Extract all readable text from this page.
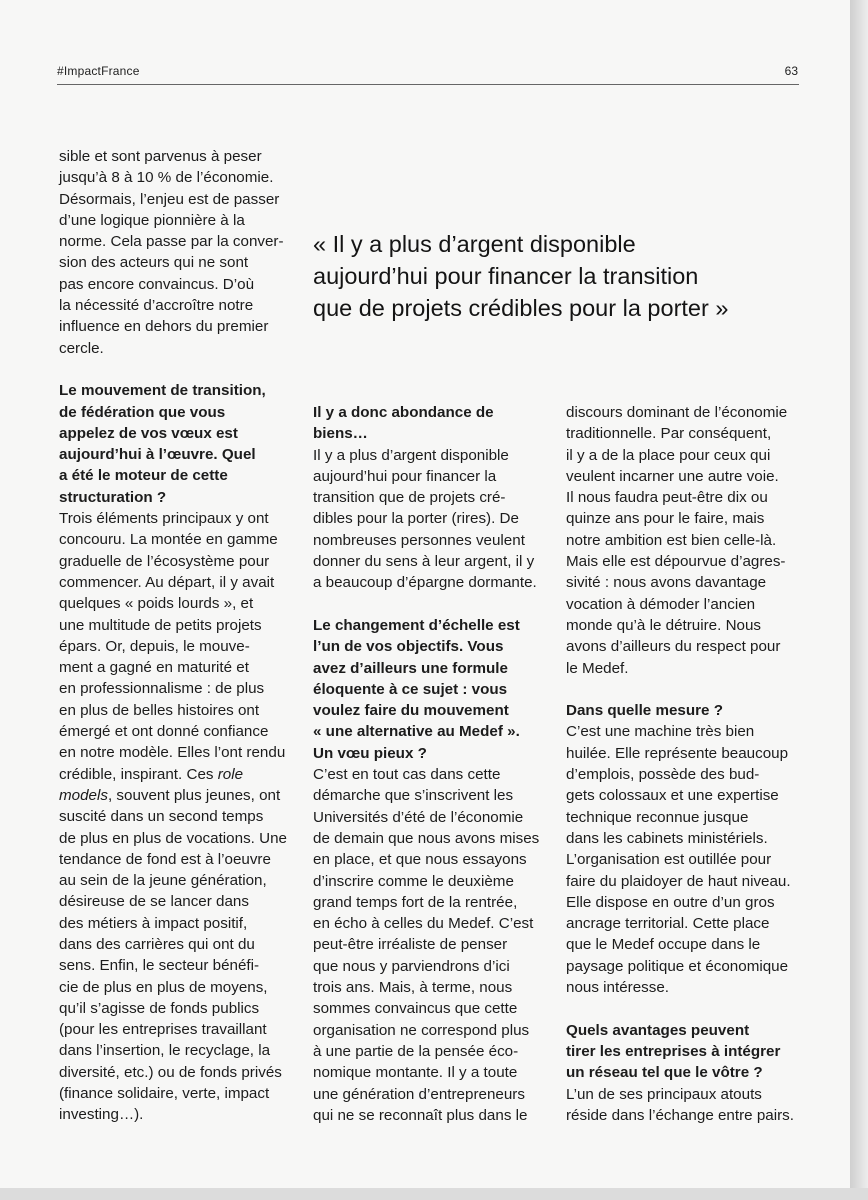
#ImpactFrance	63
« Il y a plus d’argent disponible
aujourd’hui pour financer la transition
que de projets crédibles pour la porter »

sible et sont parvenus à peser

jusqu’à 8 à 10 % de l’économie.

Désormais, l’enjeu est de passer

d’une logique pionnière à la

norme. Cela passe par la conver-

sion des acteurs qui ne sont

pas encore convaincus. D’où

la nécessité d’accroître notre

influence en dehors du premier

cercle.

Le mouvement de transition,

de fédération que vous

appelez de vos vœux est

aujourd’hui à l’œuvre. Quel

a été le moteur de cette

structuration ?

Trois éléments principaux y ont

concouru. La montée en gamme

graduelle de l’écosystème pour

commencer. Au départ, il y avait

quelques « poids lourds », et

une multitude de petits projets

épars. Or, depuis, le mouve-

ment a gagné en maturité et

en professionnalisme : de plus

en plus de belles histoires ont

émergé et ont donné confiance

en notre modèle. Elles l’ont rendu

crédible, inspirant. Ces role

models, souvent plus jeunes, ont

suscité dans un second temps

de plus en plus de vocations. Une

tendance de fond est à l’oeuvre

au sein de la jeune génération,

désireuse de se lancer dans

des métiers à impact positif,

dans des carrières qui ont du

sens. Enfin, le secteur bénéfi-

cie de plus en plus de moyens,

qu’il s’agisse de fonds publics

(pour les entreprises travaillant

dans l’insertion, le recyclage, la

diversité, etc.) ou de fonds privés

(finance solidaire, verte, impact

investing…).

Il y a donc abondance de

biens…

Il y a plus d’argent disponible

aujourd’hui pour financer la

transition que de projets cré-

dibles pour la porter (rires). De

nombreuses personnes veulent

donner du sens à leur argent, il y

a beaucoup d’épargne dormante.

Le changement d’échelle est

l’un de vos objectifs. Vous

avez d’ailleurs une formule

éloquente à ce sujet : vous

voulez faire du mouvement

« une alternative au Medef ».

Un vœu pieux ?

C’est en tout cas dans cette

démarche que s’inscrivent les

Universités d’été de l’économie

de demain que nous avons mises

en place, et que nous essayons

d’inscrire comme le deuxième

grand temps fort de la rentrée,

en écho à celles du Medef. C’est

peut-être irréaliste de penser

que nous y parviendrons d’ici

trois ans. Mais, à terme, nous

sommes convaincus que cette

organisation ne correspond plus

à une partie de la pensée éco-

nomique montante. Il y a toute

une génération d’entrepreneurs

qui ne se reconnaît plus dans le

discours dominant de l’économie

traditionnelle. Par conséquent,

il y a de la place pour ceux qui

veulent incarner une autre voie.

Il nous faudra peut-être dix ou

quinze ans pour le faire, mais

notre ambition est bien celle-là.

Mais elle est dépourvue d’agres-

sivité : nous avons davantage

vocation à démoder l’ancien

monde qu’à le détruire. Nous

avons d’ailleurs du respect pour

le Medef.

Dans quelle mesure ?

C’est une machine très bien

huilée. Elle représente beaucoup

d’emplois, possède des bud-

gets colossaux et une expertise

technique reconnue jusque

dans les cabinets ministériels.

L’organisation est outillée pour

faire du plaidoyer de haut niveau.

Elle dispose en outre d’un gros

ancrage territorial. Cette place

que le Medef occupe dans le

paysage politique et économique

nous intéresse.

Quels avantages peuvent

tirer les entreprises à intégrer

un réseau tel que le vôtre ?

L’un de ses principaux atouts

réside dans l’échange entre pairs.
